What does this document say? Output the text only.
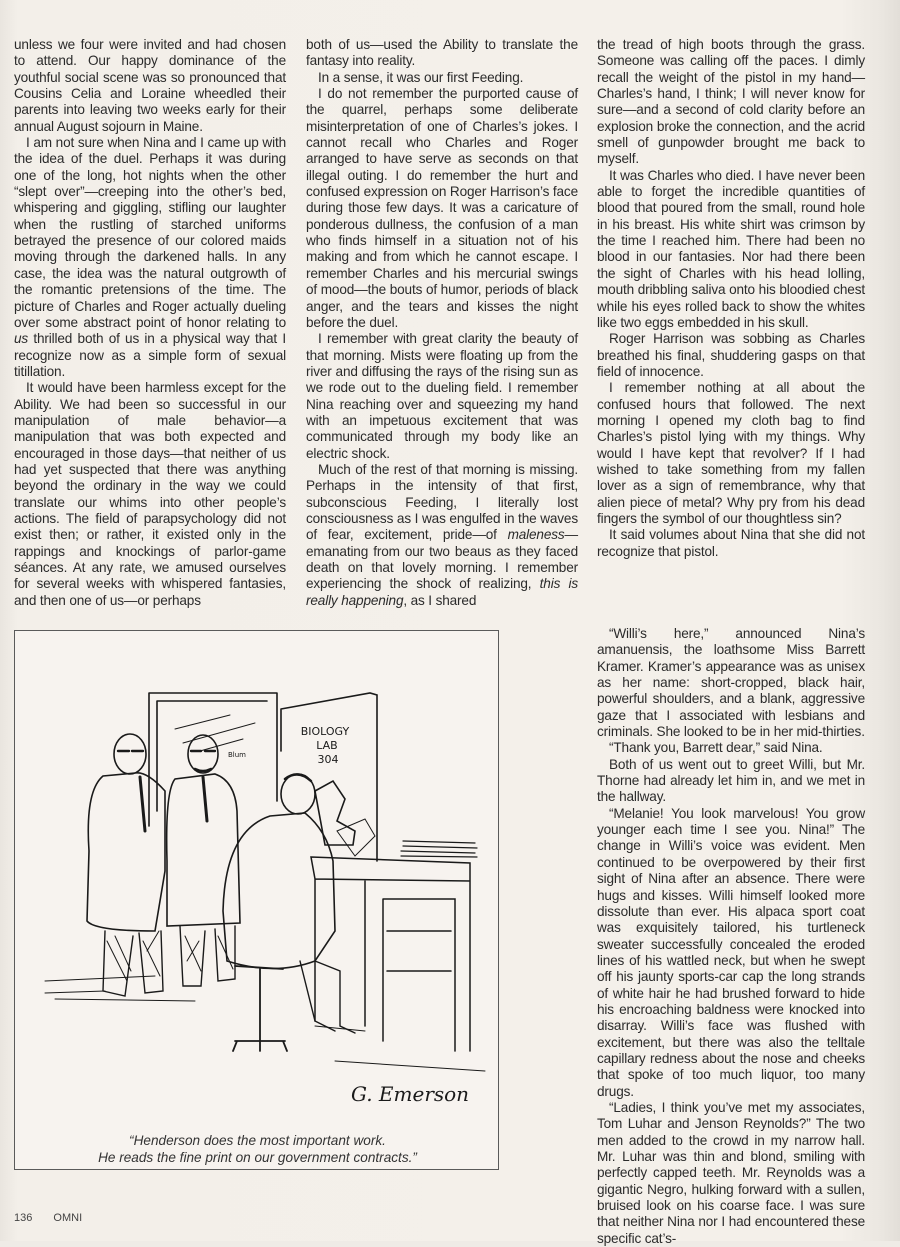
unless we four were invited and had chosen to attend. Our happy dominance of the youthful social scene was so pronounced that Cousins Celia and Loraine wheedled their parents into leaving two weeks early for their annual August sojourn in Maine.

I am not sure when Nina and I came up with the idea of the duel. Perhaps it was during one of the long, hot nights when the other “slept over”—creeping into the other’s bed, whispering and giggling, stifling our laughter when the rustling of starched uniforms betrayed the presence of our colored maids moving through the darkened halls. In any case, the idea was the natural outgrowth of the romantic pretensions of the time. The picture of Charles and Roger actually dueling over some abstract point of honor relating to us thrilled both of us in a physical way that I recognize now as a simple form of sexual titillation.

It would have been harmless except for the Ability. We had been so successful in our manipulation of male behavior—a manipulation that was both expected and encouraged in those days—that neither of us had yet suspected that there was anything beyond the ordinary in the way we could translate our whims into other people’s actions. The field of parapsychology did not exist then; or rather, it existed only in the rappings and knockings of parlor-game séances. At any rate, we amused ourselves for several weeks with whispered fantasies, and then one of us—or perhaps

both of us—used the Ability to translate the fantasy into reality.

In a sense, it was our first Feeding.

I do not remember the purported cause of the quarrel, perhaps some deliberate misinterpretation of one of Charles’s jokes. I cannot recall who Charles and Roger arranged to have serve as seconds on that illegal outing. I do remember the hurt and confused expression on Roger Harrison’s face during those few days. It was a caricature of ponderous dullness, the confusion of a man who finds himself in a situation not of his making and from which he cannot escape. I remember Charles and his mercurial swings of mood—the bouts of humor, periods of black anger, and the tears and kisses the night before the duel.

I remember with great clarity the beauty of that morning. Mists were floating up from the river and diffusing the rays of the rising sun as we rode out to the dueling field. I remember Nina reaching over and squeezing my hand with an impetuous excitement that was communicated through my body like an electric shock.

Much of the rest of that morning is missing. Perhaps in the intensity of that first, subconscious Feeding, I literally lost consciousness as I was engulfed in the waves of fear, excitement, pride—of maleness—emanating from our two beaus as they faced death on that lovely morning. I remember experiencing the shock of realizing, this is really happening, as I shared

the tread of high boots through the grass. Someone was calling off the paces. I dimly recall the weight of the pistol in my hand—Charles’s hand, I think; I will never know for sure—and a second of cold clarity before an explosion broke the connection, and the acrid smell of gunpowder brought me back to myself.

It was Charles who died. I have never been able to forget the incredible quantities of blood that poured from the small, round hole in his breast. His white shirt was crimson by the time I reached him. There had been no blood in our fantasies. Nor had there been the sight of Charles with his head lolling, mouth dribbling saliva onto his bloodied chest while his eyes rolled back to show the whites like two eggs embedded in his skull.

Roger Harrison was sobbing as Charles breathed his final, shuddering gasps on that field of innocence.

I remember nothing at all about the confused hours that followed. The next morning I opened my cloth bag to find Charles’s pistol lying with my things. Why would I have kept that revolver? If I had wished to take something from my fallen lover as a sign of remembrance, why that alien piece of metal? Why pry from his dead fingers the symbol of our thoughtless sin?

It said volumes about Nina that she did not recognize that pistol.

“Willi’s here,” announced Nina’s amanuensis, the loathsome Miss Barrett Kramer. Kramer’s appearance was as unisex as her name: short-cropped, black hair, powerful shoulders, and a blank, aggressive gaze that I associated with lesbians and criminals. She looked to be in her mid-thirties.

“Thank you, Barrett dear,” said Nina.

Both of us went out to greet Willi, but Mr. Thorne had already let him in, and we met in the hallway.

“Melanie! You look marvelous! You grow younger each time I see you. Nina!” The change in Willi’s voice was evident. Men continued to be overpowered by their first sight of Nina after an absence. There were hugs and kisses. Willi himself looked more dissolute than ever. His alpaca sport coat was exquisitely tailored, his turtleneck sweater successfully concealed the eroded lines of his wattled neck, but when he swept off his jaunty sports-car cap the long strands of white hair he had brushed forward to hide his encroaching baldness were knocked into disarray. Willi’s face was flushed with excitement, but there was also the telltale capillary redness about the nose and cheeks that spoke of too much liquor, too many drugs.

“Ladies, I think you’ve met my associates, Tom Luhar and Jenson Reynolds?” The two men added to the crowd in my narrow hall. Mr. Luhar was thin and blond, smiling with perfectly capped teeth. Mr. Reynolds was a gigantic Negro, hulking forward with a sullen, bruised look on his coarse face. I was sure that neither Nina nor I had encountered these specific cat’s-

BIOLOGY
LAB
304
Blum
G. Emerson
“Henderson does the most important work.
He reads the fine print on our government contracts.”
136 OMNI
